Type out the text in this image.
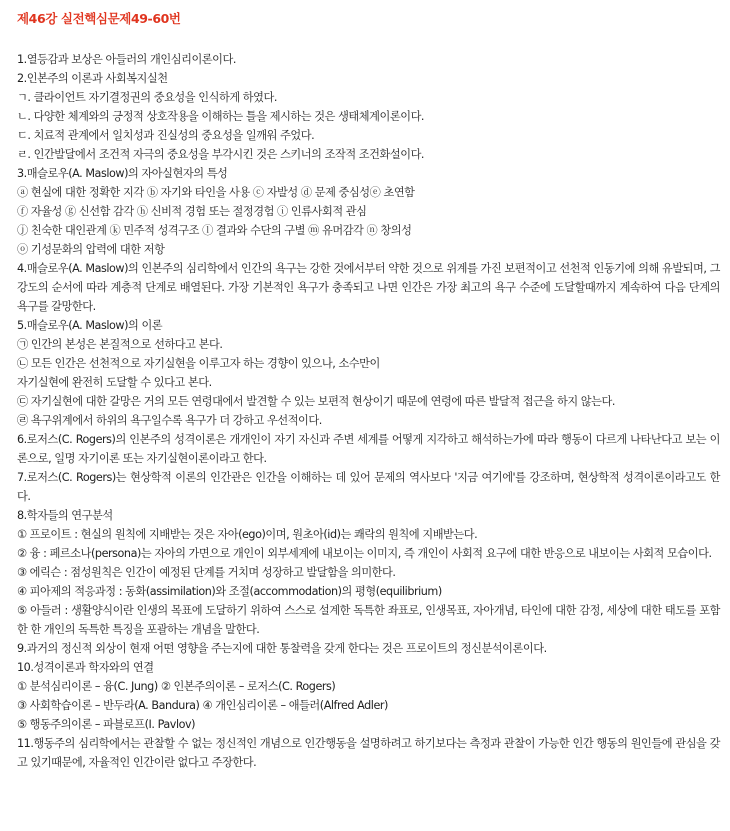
제46강 실전핵심문제49-60번

1.열등감과 보상은 아들러의 개인심리이론이다.

2.인본주의 이론과 사회복지실천

ㄱ. 클라이언트 자기결정권의 중요성을 인식하게 하였다.

ㄴ. 다양한 체계와의 긍정적 상호작용을 이해하는 틀을 제시하는 것은 생태체계이론이다.

ㄷ. 치료적 관계에서 일치성과 진실성의 중요성을 일깨워 주었다.

ㄹ. 인간발달에서 조건적 자극의 중요성을 부각시킨 것은 스키너의 조작적 조건화설이다.

3.매슬로우(A. Maslow)의 자아실현자의 특성

ⓐ 현실에 대한 정확한 지각 ⓑ 자기와 타인을 사용 ⓒ 자발성 ⓓ 문제 중심성ⓔ 초연함

ⓕ 자율성 ⓖ 신선함 감각 ⓗ 신비적 경험 또는 절정경험 ⓘ 인류사회적 관심

ⓙ 친숙한 대인관계 ⓚ 민주적 성격구조 ⓛ 결과와 수단의 구별 ⓜ 유머감각 ⓝ 창의성

ⓞ 기성문화의 압력에 대한 저항

4.매슬로우(A. Maslow)의 인본주의 심리학에서 인간의 욕구는 강한 것에서부터 약한 것으로 위계를 가진 보편적이고 선천적 인동기에 의해 유발되며, 그 강도의 순서에 따라 계층적 단계로 배열된다. 가장 기본적인 욕구가 충족되고 나면 인간은 가장 최고의 욕구 수준에 도달할때까지 계속하여 다음 단계의 욕구를 갈망한다.

5.매슬로우(A. Maslow)의 이론

㉠ 인간의 본성은 본질적으로 선하다고 본다.

㉡ 모든 인간은 선천적으로 자기실현을 이루고자 하는 경향이 있으나, 소수만이

자기실현에 완전히 도달할 수 있다고 본다.

㉢ 자기실현에 대한 갈망은 거의 모든 연령대에서 발견할 수 있는 보편적 현상이기 때문에 연령에 따른 발달적 접근을 하지 않는다.

㉣ 욕구위계에서 하위의 욕구일수록 욕구가 더 강하고 우선적이다.

6.로저스(C. Rogers)의 인본주의 성격이론은 개개인이 자기 자신과 주변 세계를 어떻게 지각하고 해석하는가에 따라 행동이 다르게 나타난다고 보는 이론으로, 일명 자기이론 또는 자기실현이론이라고 한다.

7.로저스(C. Rogers)는 현상학적 이론의 인간관은 인간을 이해하는 데 있어 문제의 역사보다 '지금 여기에'를 강조하며, 현상학적 성격이론이라고도 한다.

8.학자들의 연구분석

① 프로이트 : 현실의 원칙에 지배받는 것은 자아(ego)이며, 원초아(id)는 쾌락의 원칙에 지배받는다.

② 융 : 페르소나(persona)는 자아의 가면으로 개인이 외부세계에 내보이는 이미지, 즉 개인이 사회적 요구에 대한 반응으로 내보이는 사회적 모습이다.

③ 에릭슨 : 점성원칙은 인간이 예정된 단계를 거치며 성장하고 발달함을 의미한다.

④ 피아제의 적응과정 : 동화(assimilation)와 조절(accommodation)의 평형(equilibrium)

⑤ 아들러 : 생활양식이란 인생의 목표에 도달하기 위하여 스스로 설계한 독특한 좌표로, 인생목표, 자아개념, 타인에 대한 감정, 세상에 대한 태도를 포함한 한 개인의 독특한 특징을 포괄하는 개념을 말한다.

9.과거의 정신적 외상이 현재 어떤 영향을 주는지에 대한 통찰력을 갖게 한다는 것은 프로이트의 정신분석이론이다.

10.성격이론과 학자와의 연결

① 분석심리이론 – 융(C. Jung) ② 인본주의이론 – 로저스(C. Rogers)

③ 사회학습이론 – 반두라(A. Bandura) ④ 개인심리이론 – 애들러(Alfred Adler)

⑤ 행동주의이론 – 파블로프(I. Pavlov)

11.행동주의 심리학에서는 관찰할 수 없는 정신적인 개념으로 인간행동을 설명하려고 하기보다는 측정과 관찰이 가능한 인간 행동의 원인들에 관심을 갖고 있기때문에, 자율적인 인간이란 없다고 주장한다.
